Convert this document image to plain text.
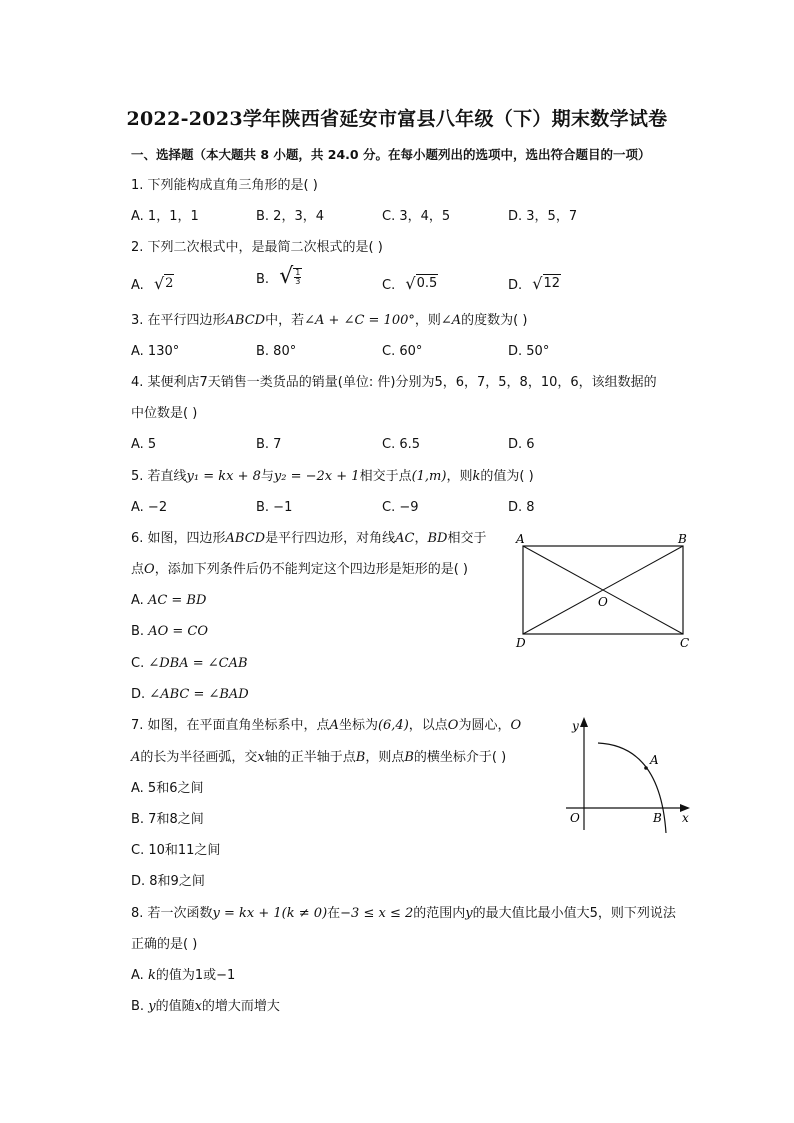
2022-2023学年陕西省延安市富县八年级（下）期末数学试卷
一、选择题（本大题共 8 小题，共 24.0 分。在每小题列出的选项中，选出符合题目的一项）
1. 下列能构成直角三角形的是( )
A. 1，1，1	B. 2，3，4	C. 3，4，5	D. 3，5，7
2. 下列二次根式中，是最简二次根式的是( )
A. √ 2	B. √ $\frac{1}{3}$	C. √ 0.5	D. √ 12
3. 在平行四边形ABCD中，若∠A + ∠C = 100°，则∠A的度数为( )
A. 130°	B. 80°	C. 60°	D. 50°
4. 某便利店7天销售一类货品的销量(单位: 件)分别为5，6，7，5，8，10，6，该组数据的
中位数是( )
A. 5	B. 7	C. 6.5	D. 6
5. 若直线y₁ = kx + 8与y₂ = −2x + 1相交于点(1,m)，则k的值为( )
A. −2	B. −1	C. −9	D. 8
6. 如图，四边形ABCD是平行四边形，对角线AC，BD相交于
点O，添加下列条件后仍不能判定这个四边形是矩形的是( )
A. AC = BD
B. AO = CO
C. ∠DBA = ∠CAB
D. ∠ABC = ∠BAD
A	B
C
D
O
7. 如图，在平面直角坐标系中，点A坐标为(6,4)，以点O为圆心，O
A的长为半径画弧，交x轴的正半轴于点B，则点B的横坐标介于( )
A. 5和6之间
B. 7和8之间
C. 10和11之间
D. 8和9之间
y
x
O
A
B
8. 若一次函数y = kx + 1(k ≠ 0)在−3 ≤ x ≤ 2的范围内y的最大值比最小值大5，则下列说法
正确的是( )
A. k的值为1或−1
B. y的值随x的增大而增大
